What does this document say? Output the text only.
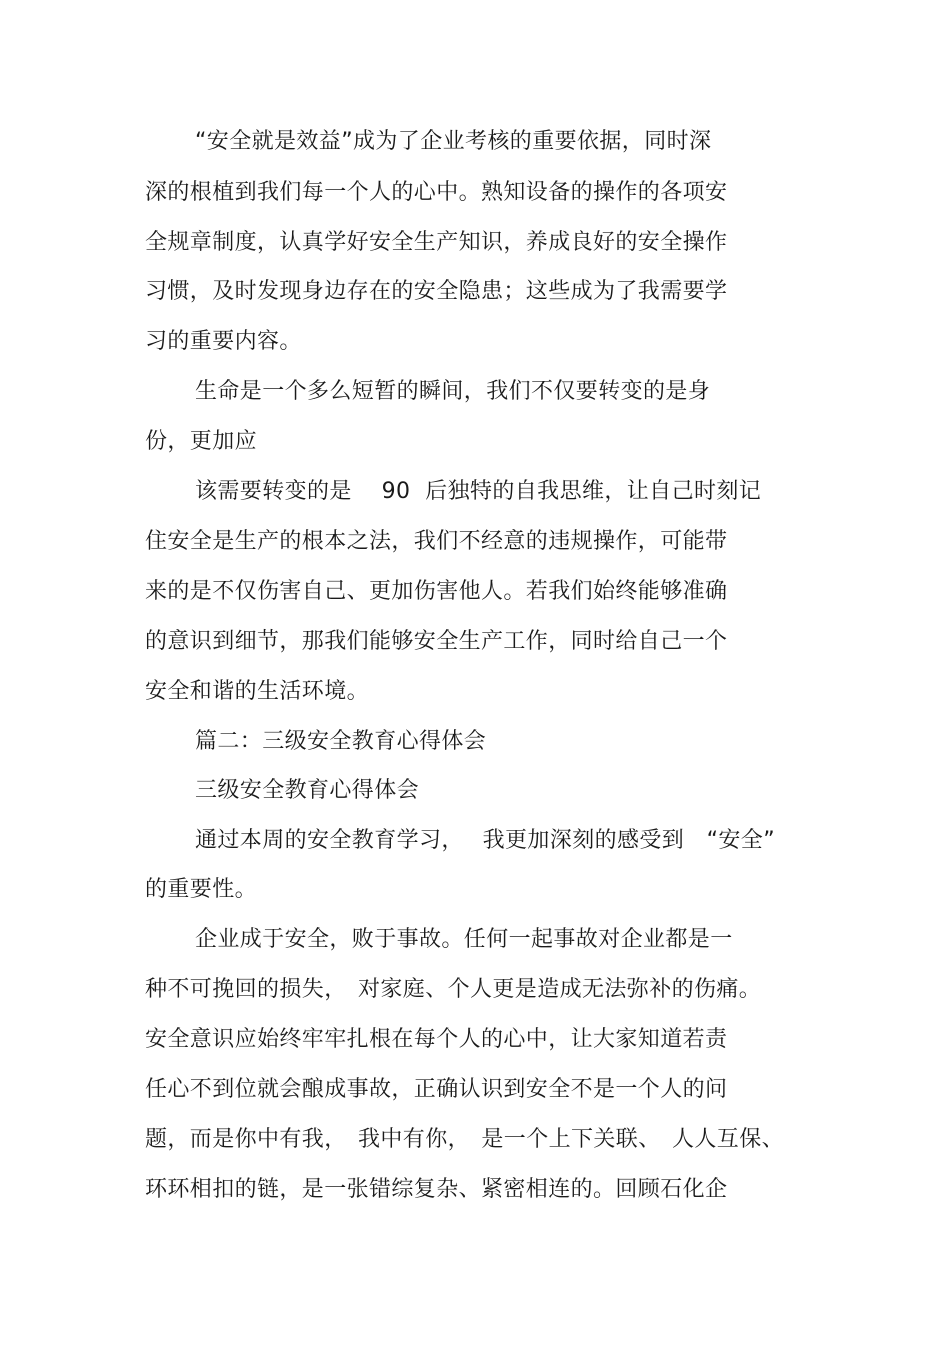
“安全就是效益”成为了企业考核的重要依据，同时深
深的根植到我们每一个人的心中。熟知设备的操作的各项安
全规章制度，认真学好安全生产知识，养成良好的安全操作
习惯，及时发现身边存在的安全隐患；这些成为了我需要学
习的重要内容。
生命是一个多么短暂的瞬间，我们不仅要转变的是身
份，更加应
该需要转变的是　 90  后独特的自我思维，让自己时刻记
住安全是生产的根本之法，我们不经意的违规操作，可能带
来的是不仅伤害自己、更加伤害他人。若我们始终能够准确
的意识到细节，那我们能够安全生产工作，同时给自己一个
安全和谐的生活环境。
篇二：三级安全教育心得体会
三级安全教育心得体会
通过本周的安全教育学习，　 我更加深刻的感受到　“安全”
的重要性。
企业成于安全，败于事故。任何一起事故对企业都是一
种不可挽回的损失，　对家庭、个人更是造成无法弥补的伤痛。
安全意识应始终牢牢扎根在每个人的心中，让大家知道若责
任心不到位就会酿成事故，正确认识到安全不是一个人的问
题，而是你中有我，　我中有你，　是一个上下关联、　人人互保、
环环相扣的链，是一张错综复杂、紧密相连的。回顾石化企
